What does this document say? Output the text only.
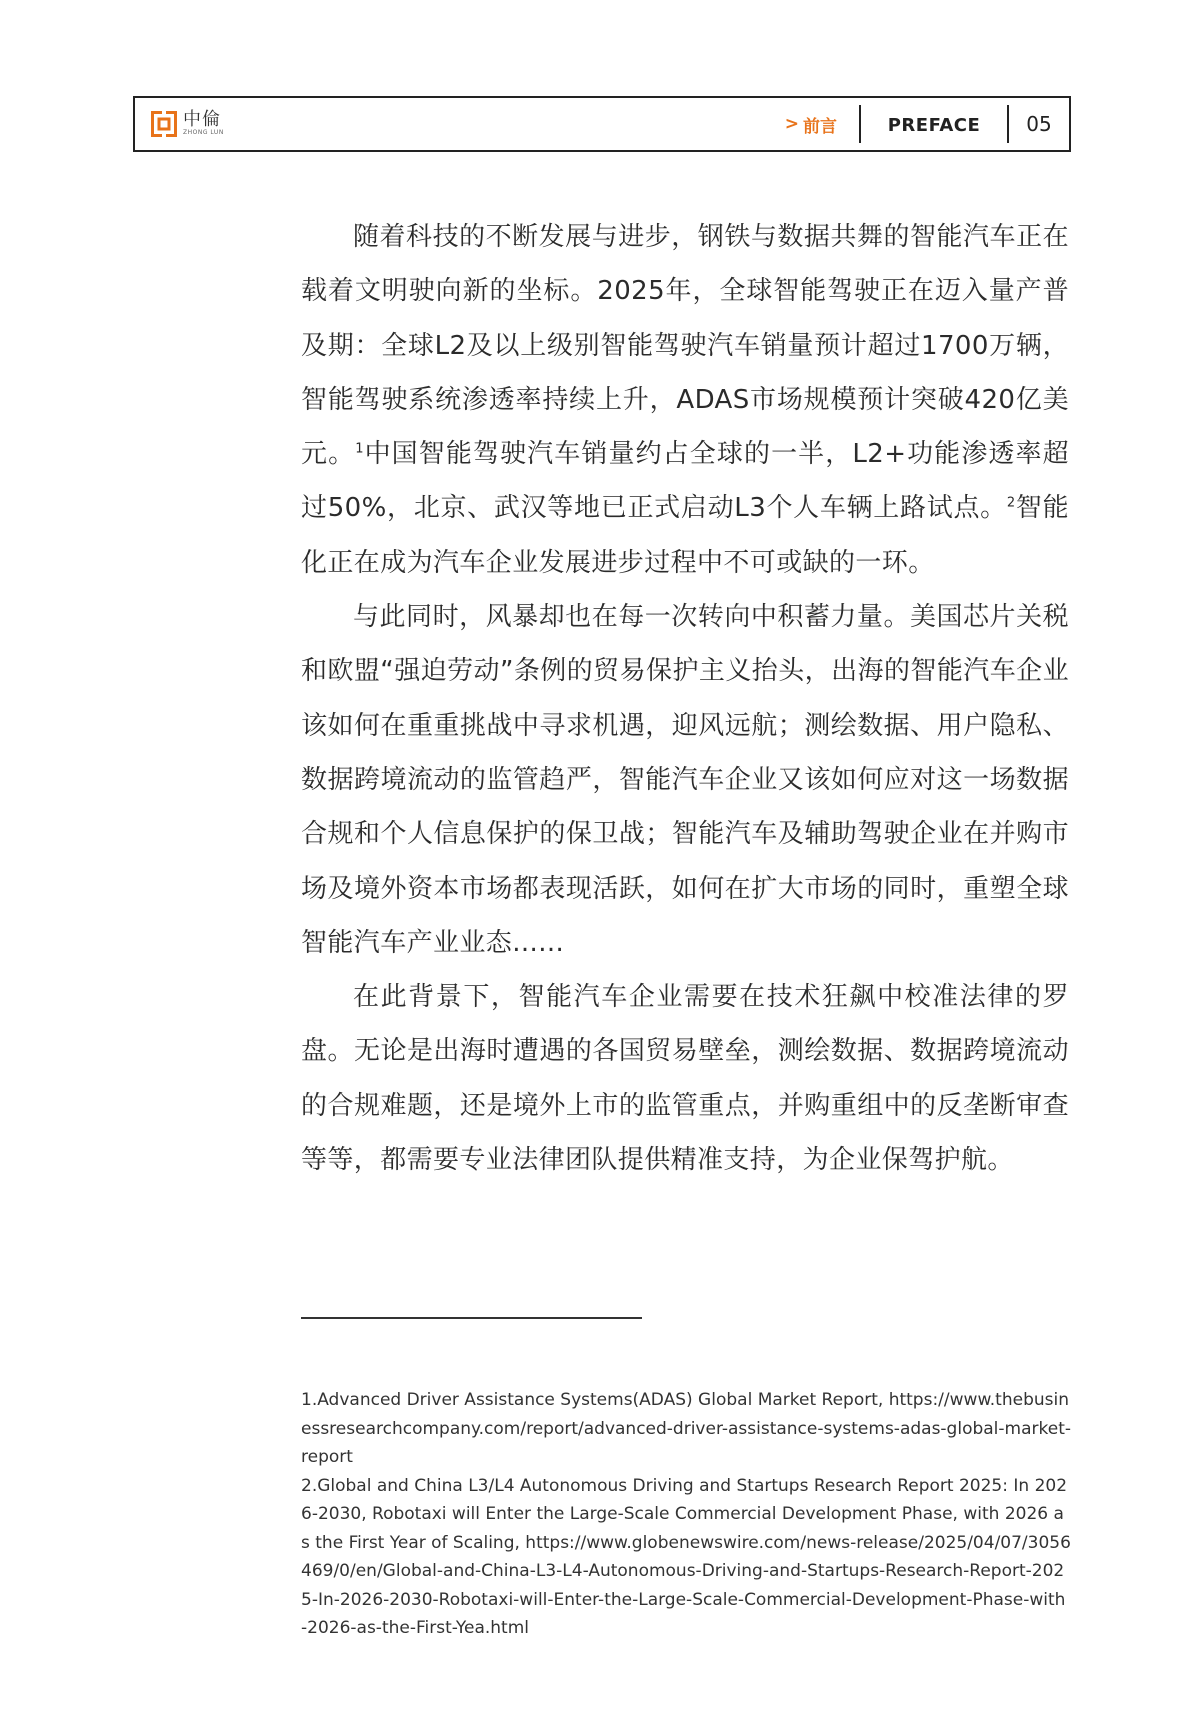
中倫
ZHONG LUN	> 前言	PREFACE	05

随着科技的不断发展与进步，钢铁与数据共舞的智能汽车正在载着文明驶向新的坐标。2025年，全球智能驾驶正在迈入量产普及期：全球L2及以上级别智能驾驶汽车销量预计超过1700万辆，智能驾驶系统渗透率持续上升，ADAS市场规模预计突破420亿美元。$^1$中国智能驾驶汽车销量约占全球的一半，L2+功能渗透率超过50%，北京、武汉等地已正式启动L3个人车辆上路试点。$^2$智能化正在成为汽车企业发展进步过程中不可或缺的一环。

与此同时，风暴却也在每一次转向中积蓄力量。美国芯片关税和欧盟“强迫劳动”条例的贸易保护主义抬头，出海的智能汽车企业该如何在重重挑战中寻求机遇，迎风远航；测绘数据、用户隐私、数据跨境流动的监管趋严，智能汽车企业又该如何应对这一场数据合规和个人信息保护的保卫战；智能汽车及辅助驾驶企业在并购市场及境外资本市场都表现活跃，如何在扩大市场的同时，重塑全球智能汽车产业业态......

在此背景下，智能汽车企业需要在技术狂飙中校准法律的罗盘。无论是出海时遭遇的各国贸易壁垒，测绘数据、数据跨境流动的合规难题，还是境外上市的监管重点，并购重组中的反垄断审查等等，都需要专业法律团队提供精准支持，为企业保驾护航。

1.Advanced Driver Assistance Systems(ADAS) Global Market Report, https://www.thebusinessresearchcompany.com/report/advanced-driver-assistance-systems-adas-global-market-report

2.Global and China L3/L4 Autonomous Driving and Startups Research Report 2025: In 2026-2030, Robotaxi will Enter the Large-Scale Commercial Development Phase, with 2026 as the First Year of Scaling, https://www.globenewswire.com/news-release/2025/04/07/3056469/0/en/Global-and-China-L3-L4-Autonomous-Driving-and-Startups-Research-Report-2025-In-2026-2030-Robotaxi-will-Enter-the-Large-Scale-Commercial-Development-Phase-with-2026-as-the-First-Yea.html
